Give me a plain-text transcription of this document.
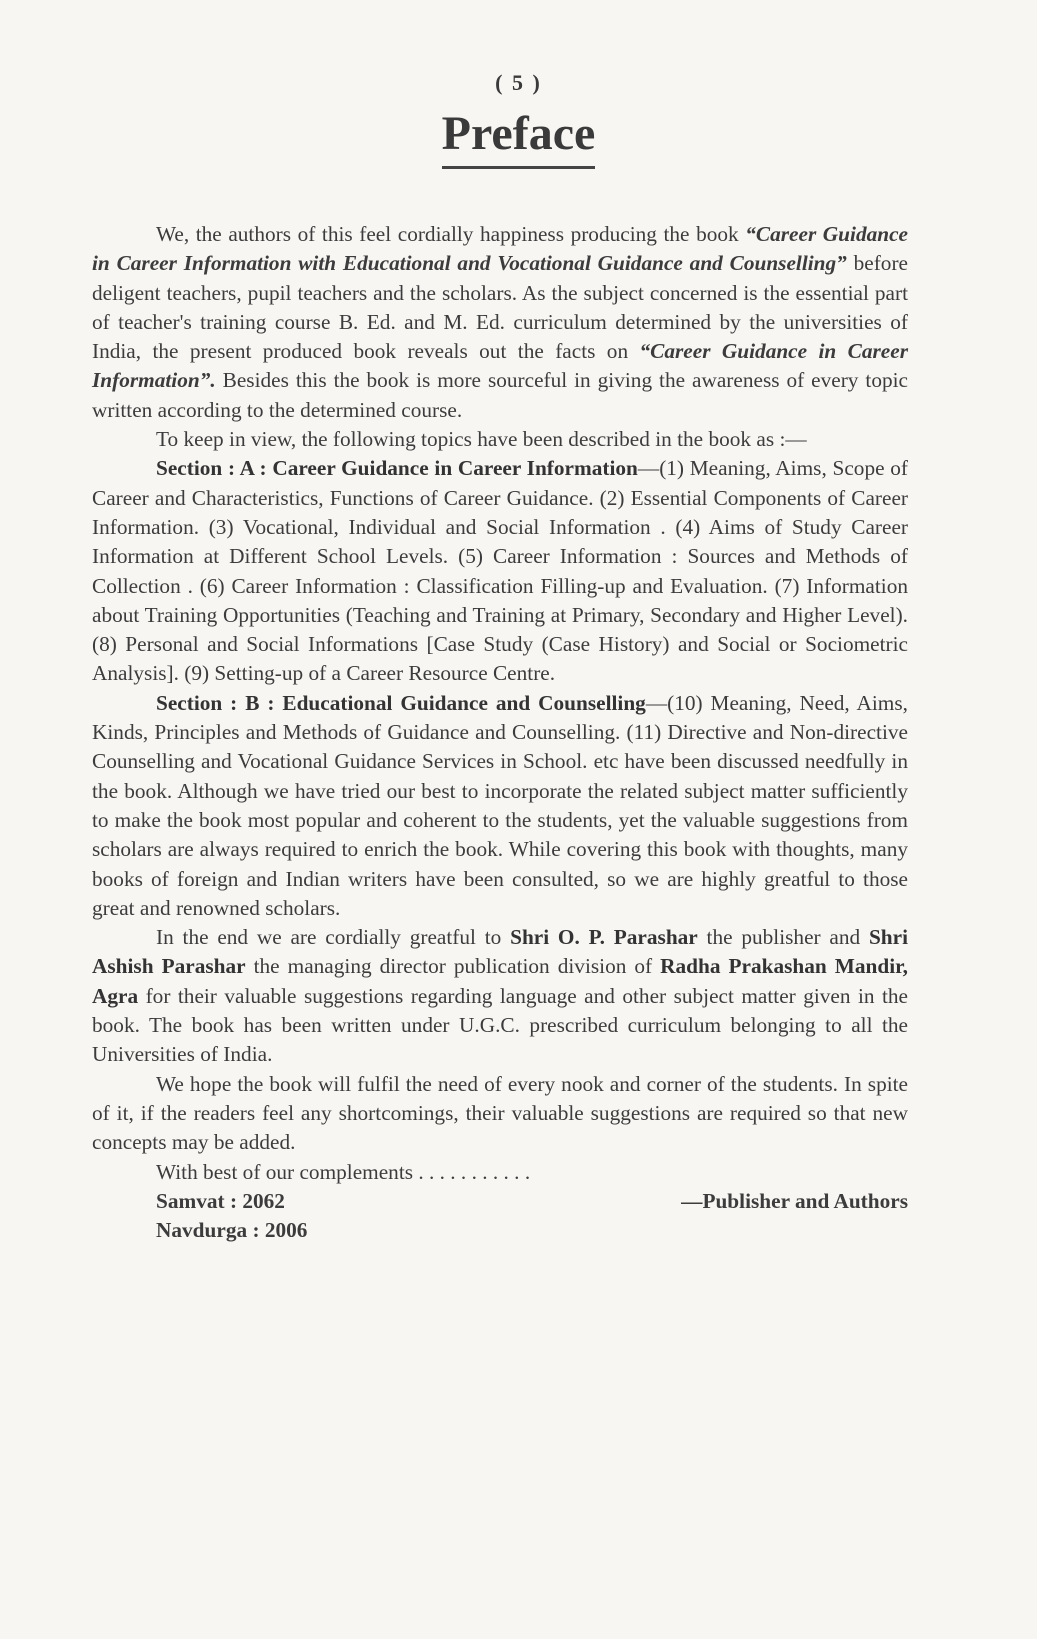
( 5 )
Preface

We, the authors of this feel cordially happiness producing the book “Career Guidance in Career Information with Educational and Vocational Guidance and Counselling” before deligent teachers, pupil teachers and the scholars. As the subject concerned is the essential part of teacher's training course B. Ed. and M. Ed. curriculum determined by the universities of India, the present produced book reveals out the facts on “Career Guidance in Career Information”. Besides this the book is more sourceful in giving the awareness of every topic written according to the determined course.

To keep in view, the following topics have been described in the book as :—

Section : A : Career Guidance in Career Information—(1) Meaning, Aims, Scope of Career and Characteristics, Functions of Career Guidance. (2) Essential Components of Career Information. (3) Vocational, Individual and Social Information . (4) Aims of Study Career Information at Different School Levels. (5) Career Information : Sources and Methods of Collection . (6) Career Information : Classification Filling-up and Evaluation. (7) Information about Training Opportunities (Teaching and Training at Primary, Secondary and Higher Level). (8) Personal and Social Informations [Case Study (Case History) and Social or Sociometric Analysis]. (9) Setting-up of a Career Resource Centre.

Section : B : Educational Guidance and Counselling—(10) Meaning, Need, Aims, Kinds, Principles and Methods of Guidance and Counselling. (11) Directive and Non-directive Counselling and Vocational Guidance Services in School. etc have been discussed needfully in the book. Although we have tried our best to incorporate the related subject matter sufficiently to make the book most popular and coherent to the students, yet the valuable suggestions from scholars are always required to enrich the book. While covering this book with thoughts, many books of foreign and Indian writers have been consulted, so we are highly greatful to those great and renowned scholars.

In the end we are cordially greatful to Shri O. P. Parashar the publisher and Shri Ashish Parashar the managing director publication division of Radha Prakashan Mandir, Agra for their valuable suggestions regarding language and other subject matter given in the book. The book has been written under U.G.C. prescribed curriculum belonging to all the Universities of India.

We hope the book will fulfil the need of every nook and corner of the students. In spite of it, if the readers feel any shortcomings, their valuable suggestions are required so that new concepts may be added.

With best of our complements . . . . . . . . . . .
Samvat : 2062	—Publisher and Authors
Navdurga : 2006
